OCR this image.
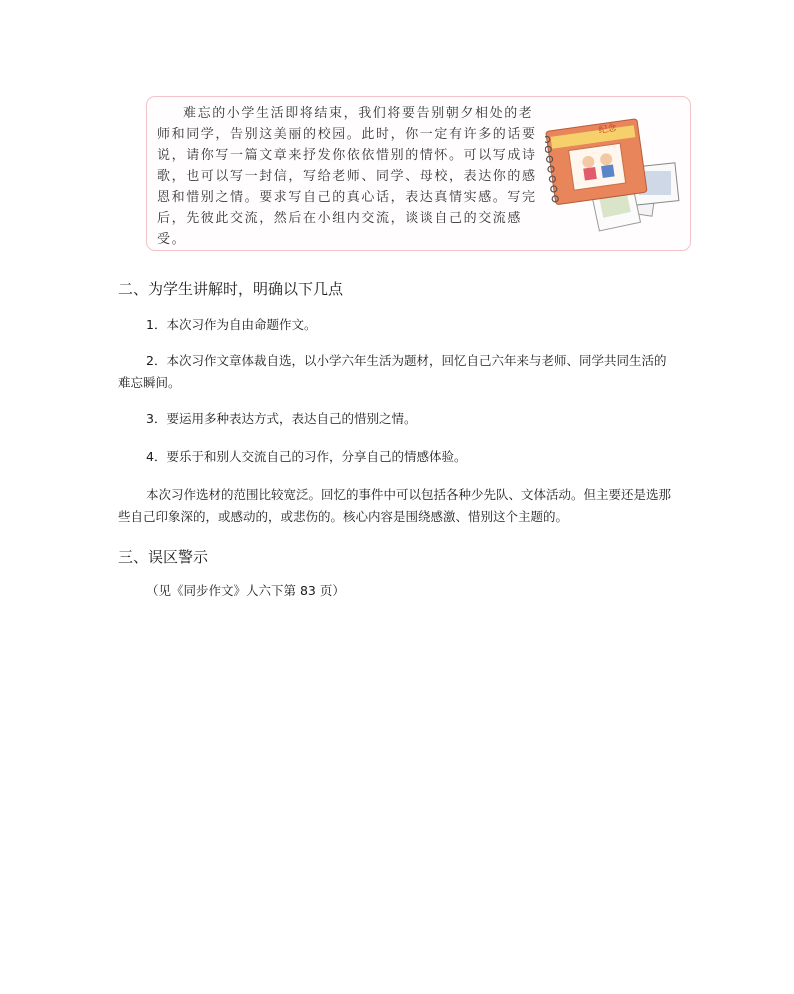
难忘的小学生活即将结束，我们将要告别朝夕相处的老师和同学，告别这美丽的校园。此时，你一定有许多的话要说，请你写一篇文章来抒发你依依惜别的情怀。可以写成诗歌，也可以写一封信，写给老师、同学、母校，表达你的感恩和惜别之情。要求写自己的真心话，表达真情实感。写完后，先彼此交流，然后在小组内交流，谈谈自己的交流感受。

纪念
二、为学生讲解时，明确以下几点

1．本次习作为自由命题作文。

2．本次习作文章体裁自选，以小学六年生活为题材，回忆自己六年来与老师、同学共同生活的难忘瞬间。

3．要运用多种表达方式，表达自己的惜别之情。

4．要乐于和别人交流自己的习作，分享自己的情感体验。

本次习作选材的范围比较宽泛。回忆的事件中可以包括各种少先队、文体活动。但主要还是选那些自己印象深的，或感动的，或悲伤的。核心内容是围绕感激、惜别这个主题的。

三、误区警示

（见《同步作文》人六下第 83 页）
